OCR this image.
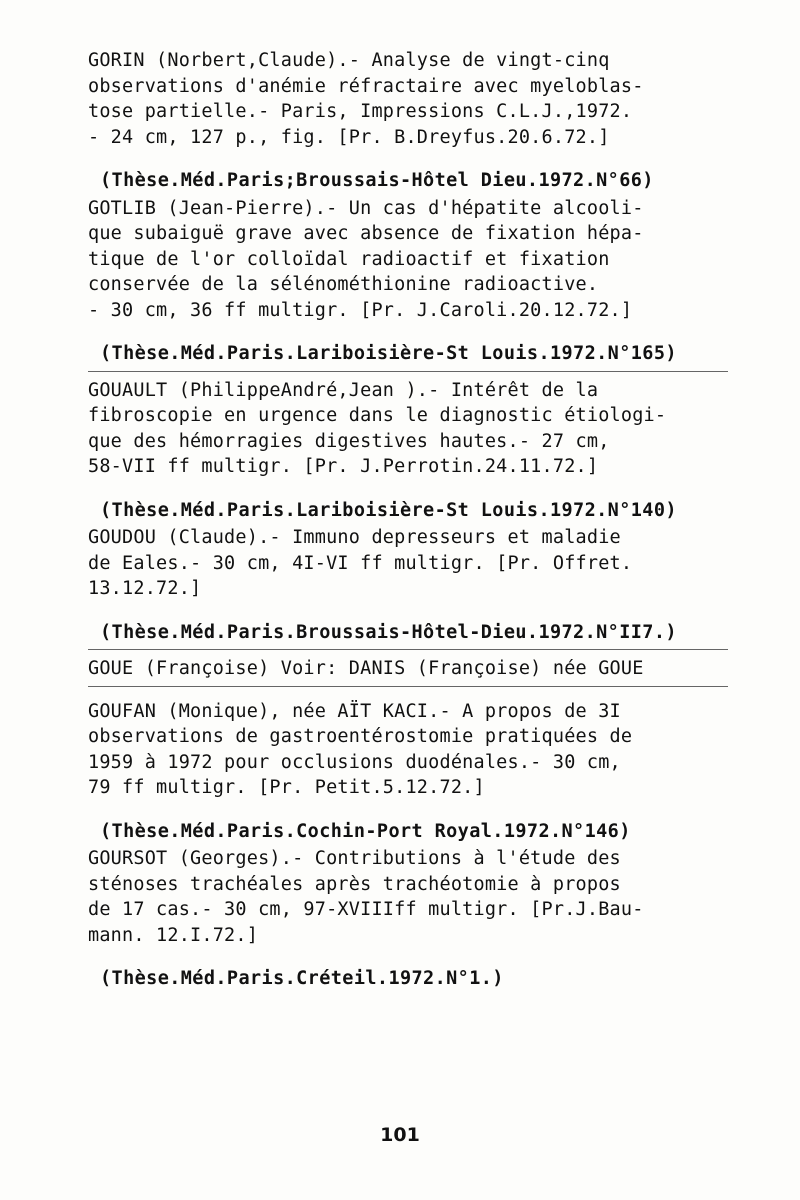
GORIN (Norbert,Claude).- Analyse de vingt-cinq
observations d'anémie réfractaire avec myeloblas-
tose partielle.- Paris, Impressions C.L.J.,1972.
- 24 cm, 127 p., fig. [Pr. B.Dreyfus.20.6.72.]
(Thèse.Méd.Paris;Broussais-Hôtel Dieu.1972.N°66)
GOTLIB (Jean-Pierre).- Un cas d'hépatite alcooli-
que subaiguë grave avec absence de fixation hépa-
tique de l'or colloïdal radioactif et fixation
conservée de la sélénométhionine radioactive.
- 30 cm, 36 ff multigr. [Pr. J.Caroli.20.12.72.]
(Thèse.Méd.Paris.Lariboisière-St Louis.1972.N°165)
GOUAULT (PhilippeAndré,Jean ).- Intérêt de la
fibroscopie en urgence dans le diagnostic étiologi-
que des hémorragies digestives hautes.- 27 cm,
58-VII ff multigr. [Pr. J.Perrotin.24.11.72.]
(Thèse.Méd.Paris.Lariboisière-St Louis.1972.N°140)
GOUDOU (Claude).- Immuno depresseurs et maladie
de Eales.- 30 cm, 4I-VI ff multigr. [Pr. Offret.
13.12.72.]
(Thèse.Méd.Paris.Broussais-Hôtel-Dieu.1972.N°II7.)
GOUE (Françoise) Voir: DANIS (Françoise) née GOUE
GOUFAN (Monique), née AÏT KACI.- A propos de 3I
observations de gastroentérostomie pratiquées de
1959 à 1972 pour occlusions duodénales.- 30 cm,
79 ff multigr. [Pr. Petit.5.12.72.]
(Thèse.Méd.Paris.Cochin-Port Royal.1972.N°146)
GOURSOT (Georges).- Contributions à l'étude des
sténoses trachéales après trachéotomie à propos
de 17 cas.- 30 cm, 97-XVIIIff multigr. [Pr.J.Bau-
mann. 12.I.72.]
(Thèse.Méd.Paris.Créteil.1972.N°1.)
101
